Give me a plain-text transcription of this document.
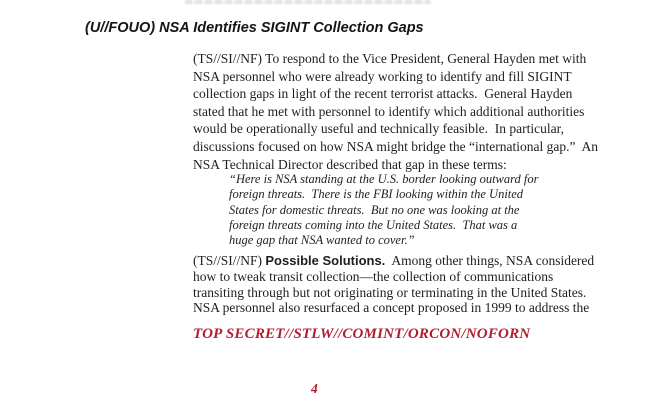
(U//FOUO) NSA Identifies SIGINT Collection Gaps
(TS//SI//NF) To respond to the Vice President, General Hayden met with
NSA personnel who were already working to identify and fill SIGINT
collection gaps in light of the recent terrorist attacks.  General Hayden
stated that he met with personnel to identify which additional authorities
would be operationally useful and technically feasible.  In particular,
discussions focused on how NSA might bridge the “international gap.”  An
NSA Technical Director described that gap in these terms:
“Here is NSA standing at the U.S. border looking outward for
foreign threats.  There is the FBI looking within the United
States for domestic threats.  But no one was looking at the
foreign threats coming into the United States.  That was a
huge gap that NSA wanted to cover.”
(TS//SI//NF) Possible Solutions.  Among other things, NSA considered
how to tweak transit collection—the collection of communications
transiting through but not originating or terminating in the United States.
NSA personnel also resurfaced a concept proposed in 1999 to address the
TOP SECRET//STLW//COMINT/ORCON/NOFORN
4
